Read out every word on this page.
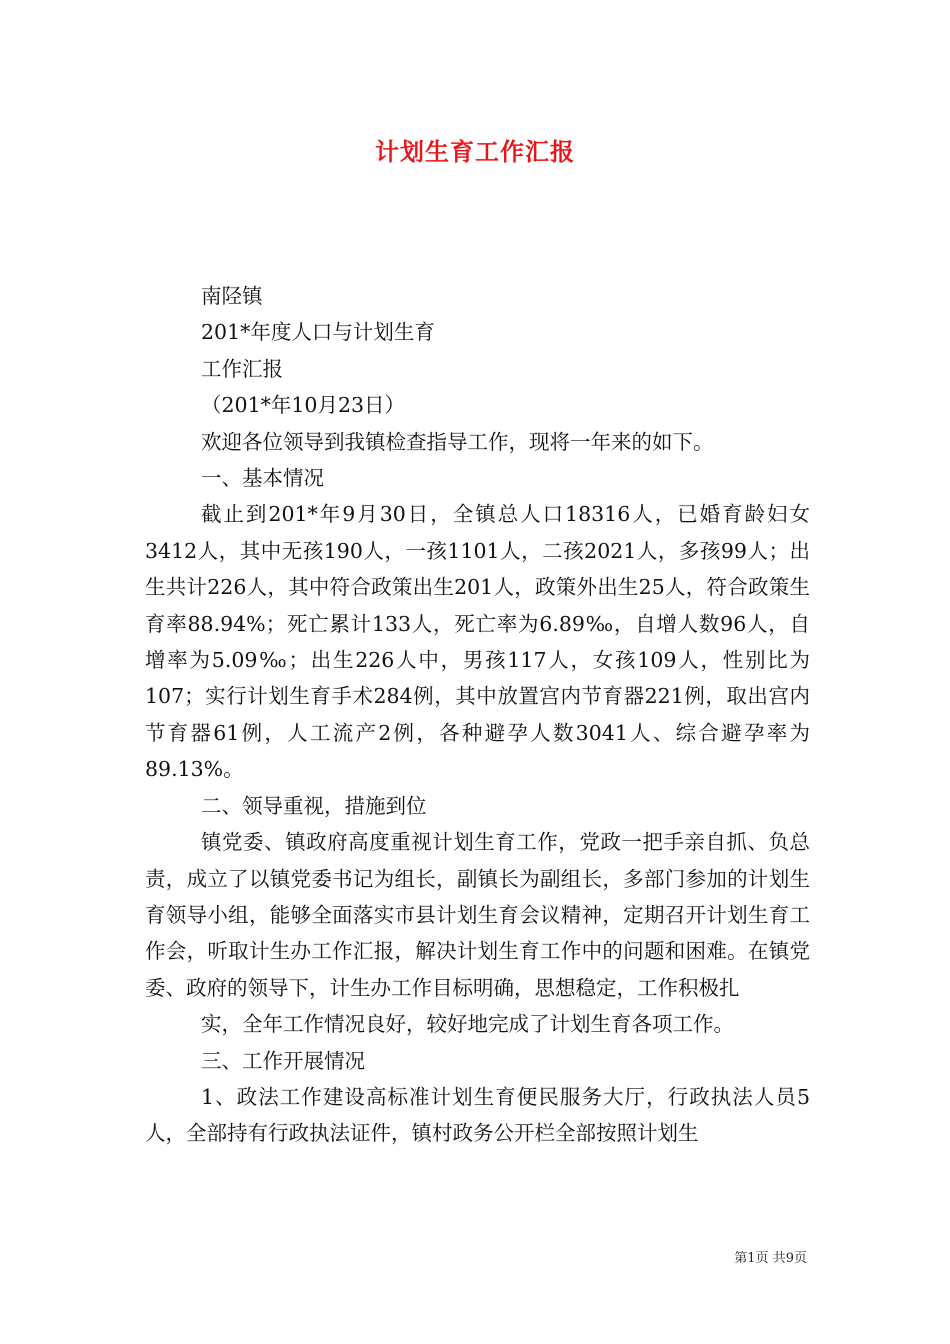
计划生育工作汇报

南陉镇

201*年度人口与计划生育

工作汇报

（201*年10月23日）

欢迎各位领导到我镇检查指导工作，现将一年来的如下。

一、基本情况

截止到201*年9月30日，全镇总人口18316人，已婚育龄妇女3412人，其中无孩190人，一孩1101人，二孩2021人，多孩99人；出生共计226人，其中符合政策出生201人，政策外出生25人，符合政策生育率88.94%；死亡累计133人，死亡率为6.89‰，自增人数96人，自增率为5.09‰；出生226人中，男孩117人，女孩109人，性别比为107；实行计划生育手术284例，其中放置宫内节育器221例，取出宫内节育器61例，人工流产2例，各种避孕人数3041人、综合避孕率为89.13%。

二、领导重视，措施到位

镇党委、镇政府高度重视计划生育工作，党政一把手亲自抓、负总责，成立了以镇党委书记为组长，副镇长为副组长，多部门参加的计划生育领导小组，能够全面落实市县计划生育会议精神，定期召开计划生育工作会，听取计生办工作汇报，解决计划生育工作中的问题和困难。在镇党委、政府的领导下，计生办工作目标明确，思想稳定，工作积极扎

实，全年工作情况良好，较好地完成了计划生育各项工作。

三、工作开展情况

1、政法工作建设高标准计划生育便民服务大厅，行政执法人员5人，全部持有行政执法证件，镇村政务公开栏全部按照计划生

第1页 共9页
